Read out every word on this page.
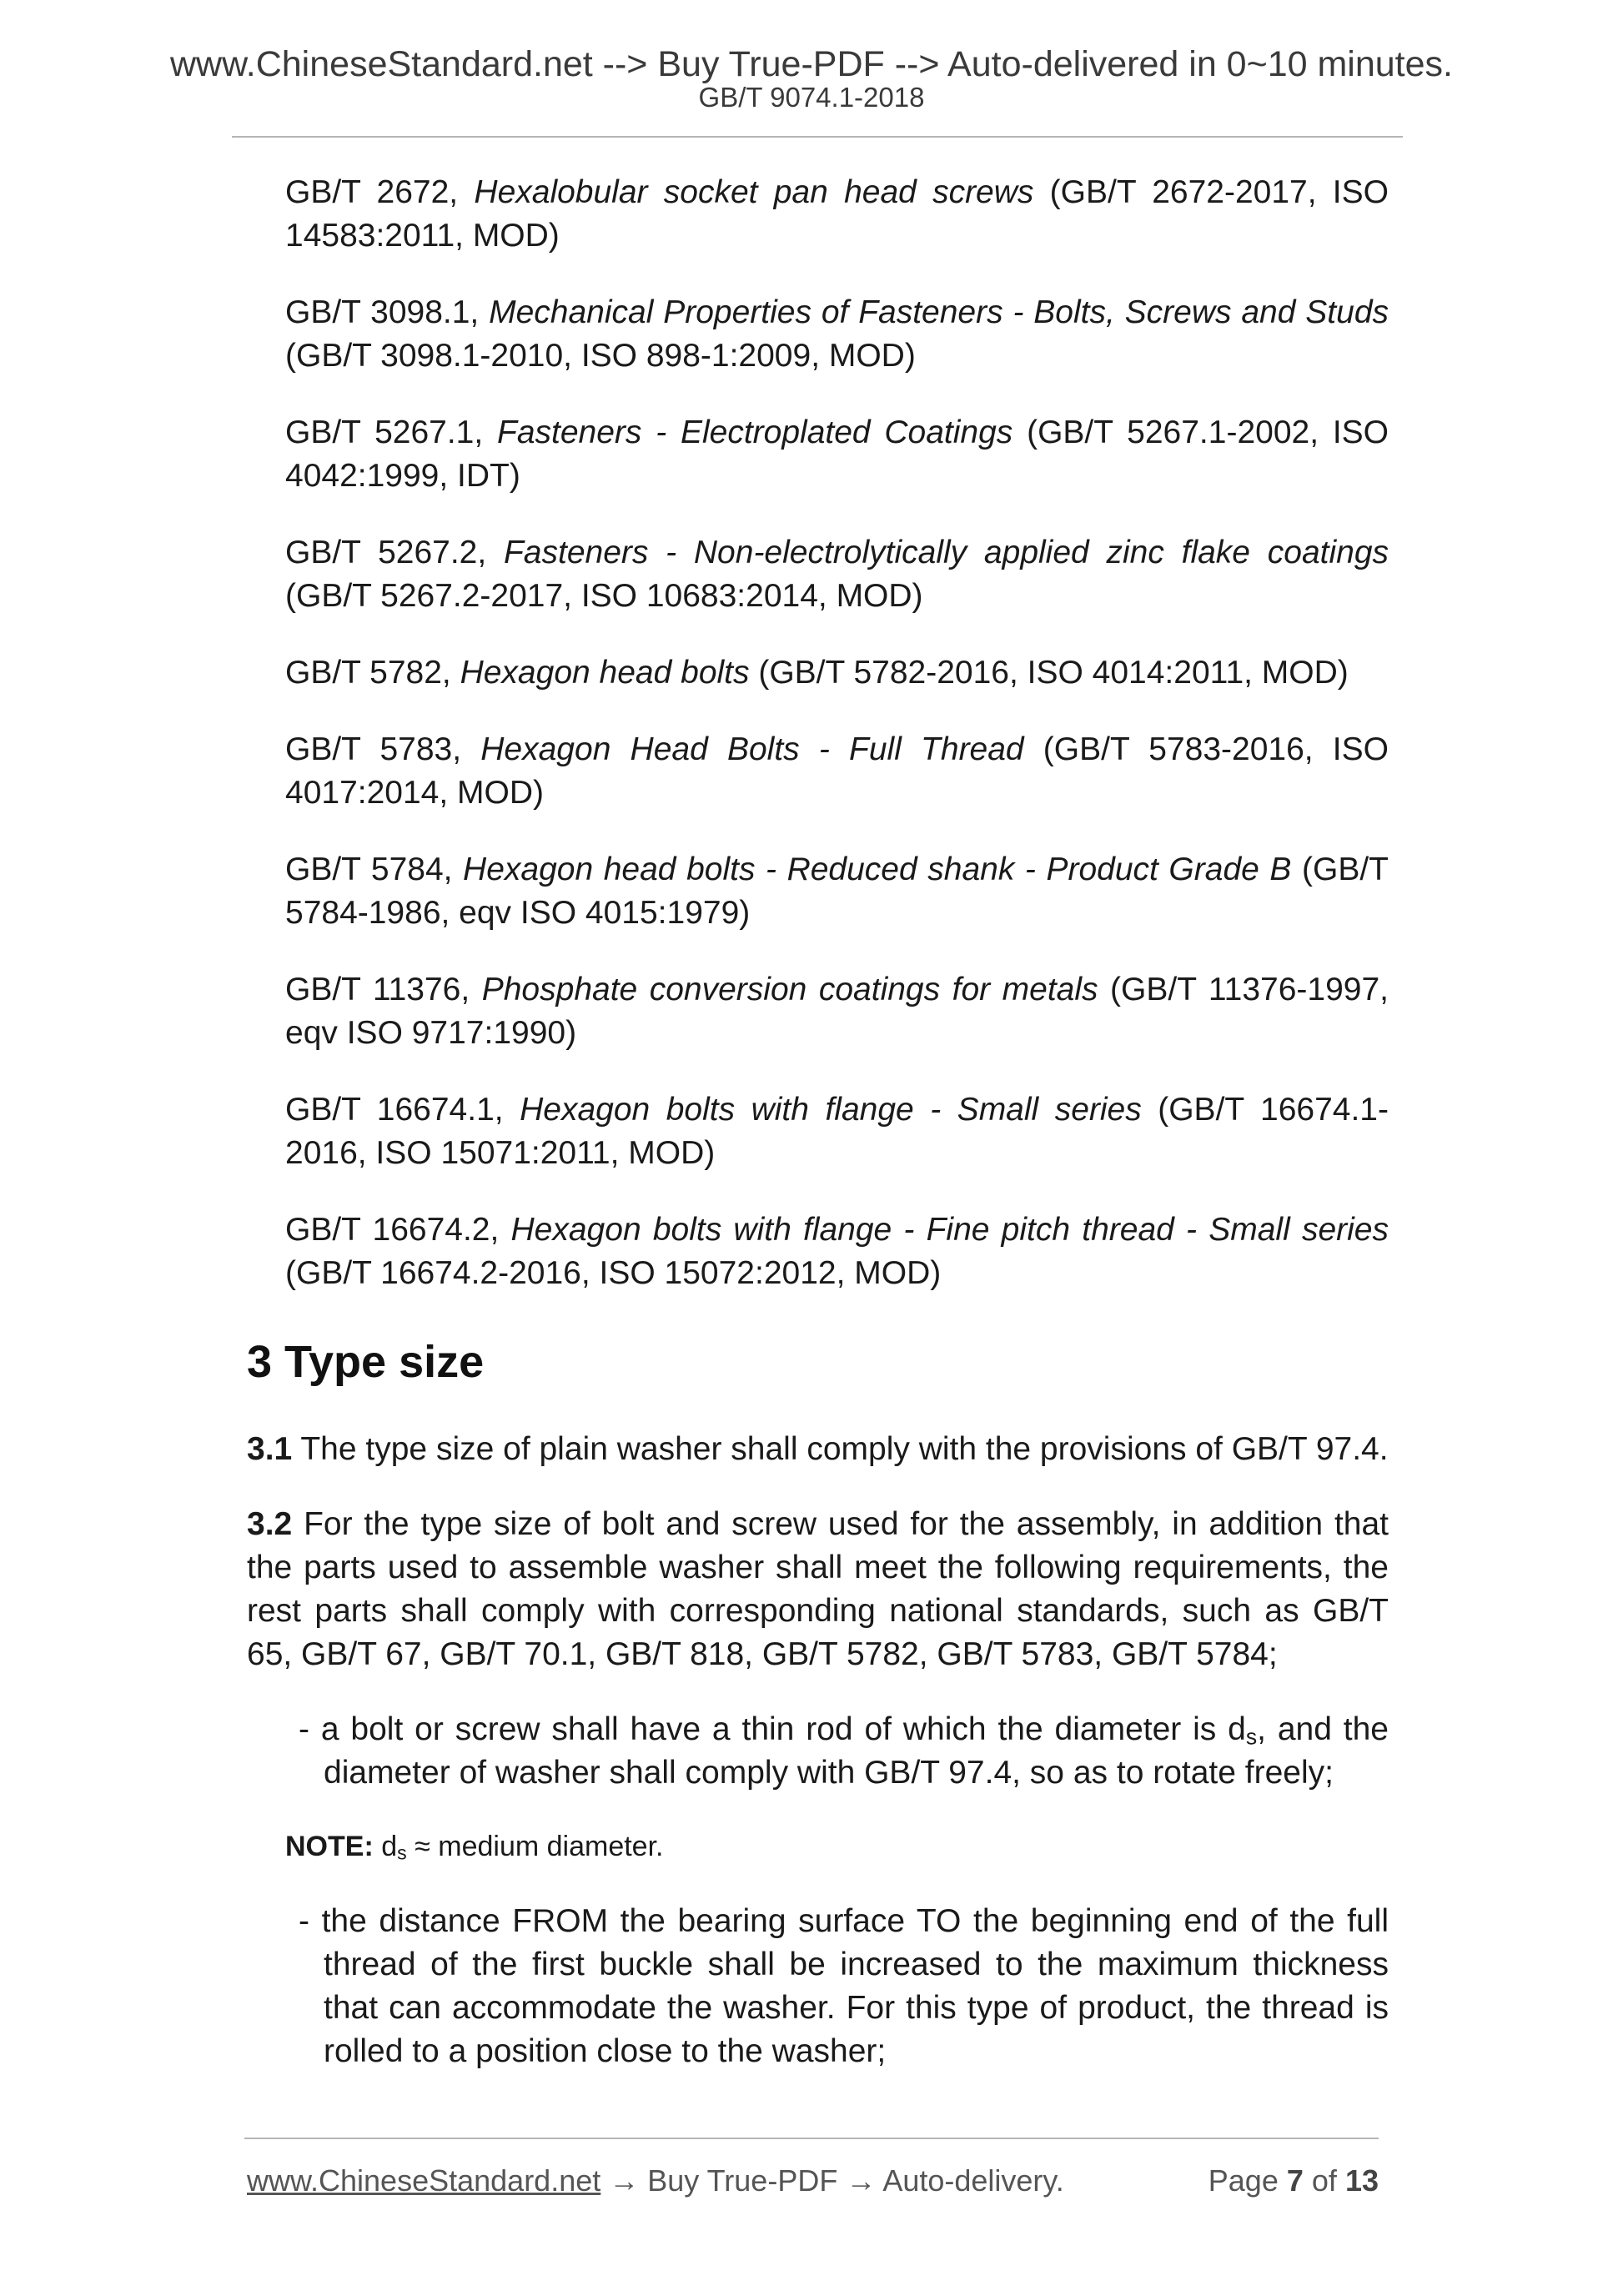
www.ChineseStandard.net --> Buy True-PDF --> Auto-delivered in 0~10 minutes.
GB/T 9074.1-2018

GB/T 2672, Hexalobular socket pan head screws (GB/T 2672-2017, ISO 14583:2011, MOD)

GB/T 3098.1, Mechanical Properties of Fasteners - Bolts, Screws and Studs (GB/T 3098.1-2010, ISO 898-1:2009, MOD)

GB/T 5267.1, Fasteners - Electroplated Coatings (GB/T 5267.1-2002, ISO 4042:1999, IDT)

GB/T 5267.2, Fasteners - Non-electrolytically applied zinc flake coatings (GB/T 5267.2-2017, ISO 10683:2014, MOD)

GB/T 5782, Hexagon head bolts (GB/T 5782-2016, ISO 4014:2011, MOD)

GB/T 5783, Hexagon Head Bolts - Full Thread (GB/T 5783-2016, ISO 4017:2014, MOD)

GB/T 5784, Hexagon head bolts - Reduced shank - Product Grade B (GB/T 5784-1986, eqv ISO 4015:1979)

GB/T 11376, Phosphate conversion coatings for metals (GB/T 11376-1997, eqv ISO 9717:1990)

GB/T 16674.1, Hexagon bolts with flange - Small series (GB/T 16674.1-2016, ISO 15071:2011, MOD)

GB/T 16674.2, Hexagon bolts with flange - Fine pitch thread - Small series (GB/T 16674.2-2016, ISO 15072:2012, MOD)

3 Type size

3.1 The type size of plain washer shall comply with the provisions of GB/T 97.4.

3.2 For the type size of bolt and screw used for the assembly, in addition that the parts used to assemble washer shall meet the following requirements, the rest parts shall comply with corresponding national standards, such as GB/T 65, GB/T 67, GB/T 70.1, GB/T 818, GB/T 5782, GB/T 5783, GB/T 5784;

- a bolt or screw shall have a thin rod of which the diameter is $d_s$, and the diameter of washer shall comply with GB/T 97.4, so as to rotate freely;

NOTE: $d_s$ ≈ medium diameter.

- the distance FROM the bearing surface TO the beginning end of the full thread of the first buckle shall be increased to the maximum thickness that can accommodate the washer. For this type of product, the thread is rolled to a position close to the washer;

www.ChineseStandard.net → Buy True-PDF → Auto-delivery.	Page 7 of 13
